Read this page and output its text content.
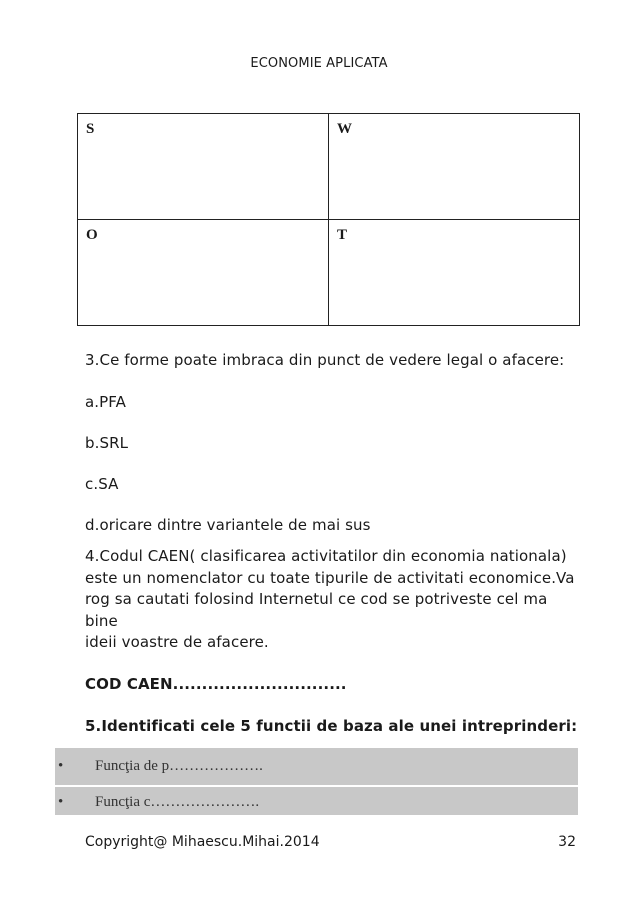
ECONOMIE APLICATA
S	W
O	T
3.Ce forme poate imbraca din punct de vedere legal o afacere:
a.PFA
b.SRL
c.SA
d.oricare dintre variantele de mai sus
4.Codul CAEN( clasificarea activitatilor din economia nationala)
este un nomenclator cu toate tipurile de activitati economice.Va
rog sa cautati folosind Internetul ce cod se potriveste cel ma bine
ideii voastre de afacere.
COD CAEN..............................
5.Identificati cele 5 functii de baza ale unei intreprinderi:
• Funcţia de p……………….
• Funcţia c………………….
Copyright@ Mihaescu.Mihai.2014	32
